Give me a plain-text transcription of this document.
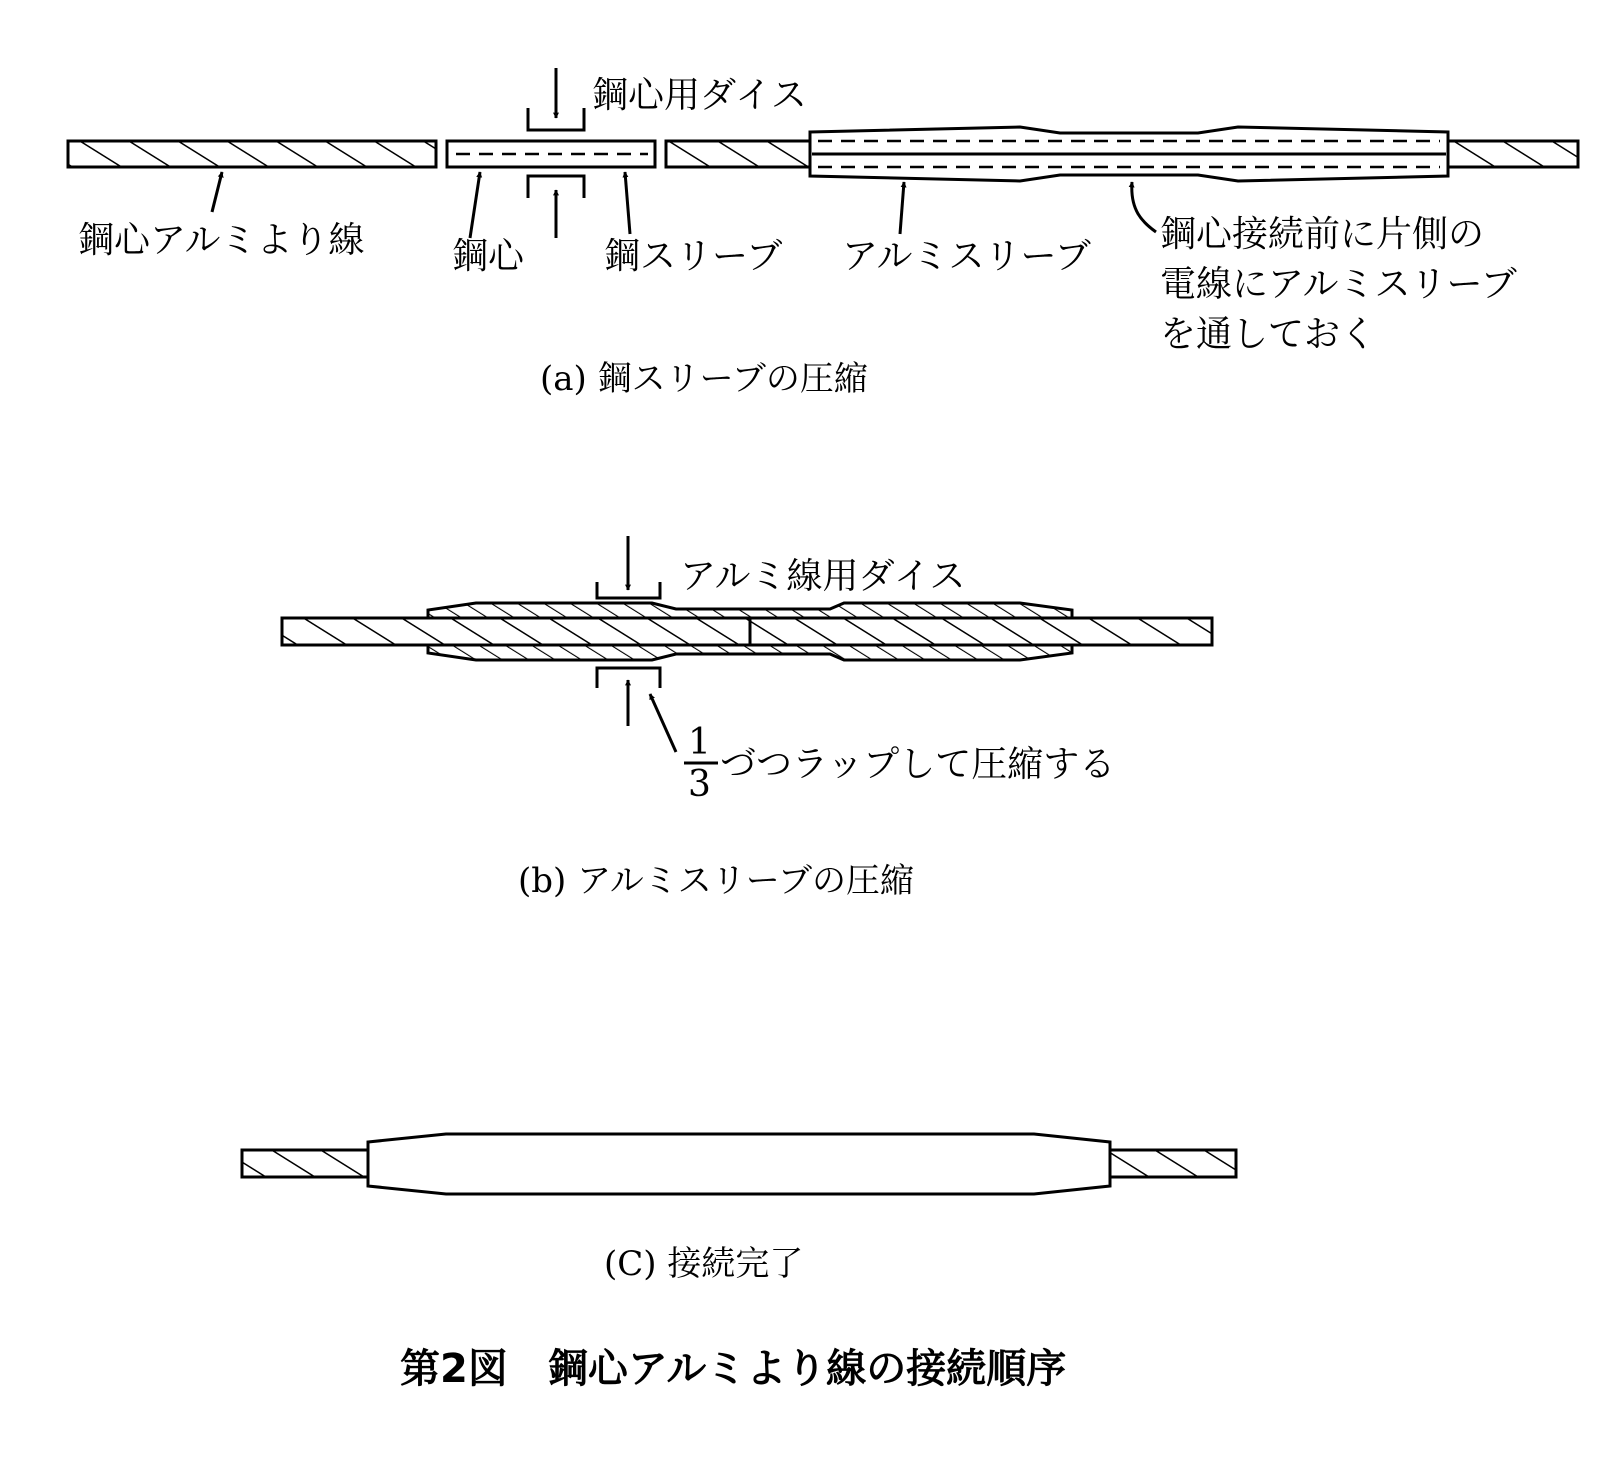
鋼心用ダイス
鋼心アルミより線 鋼心 鋼スリーブ アルミスリーブ
鋼心接続前に片側の
電線にアルミスリーブ
を通しておく
(a) 鋼スリーブの圧縮
アルミ線用ダイス
1
3 づつラップして圧縮する
(b) アルミスリーブの圧縮
(C) 接続完了
第2図　鋼心アルミより線の接続順序
